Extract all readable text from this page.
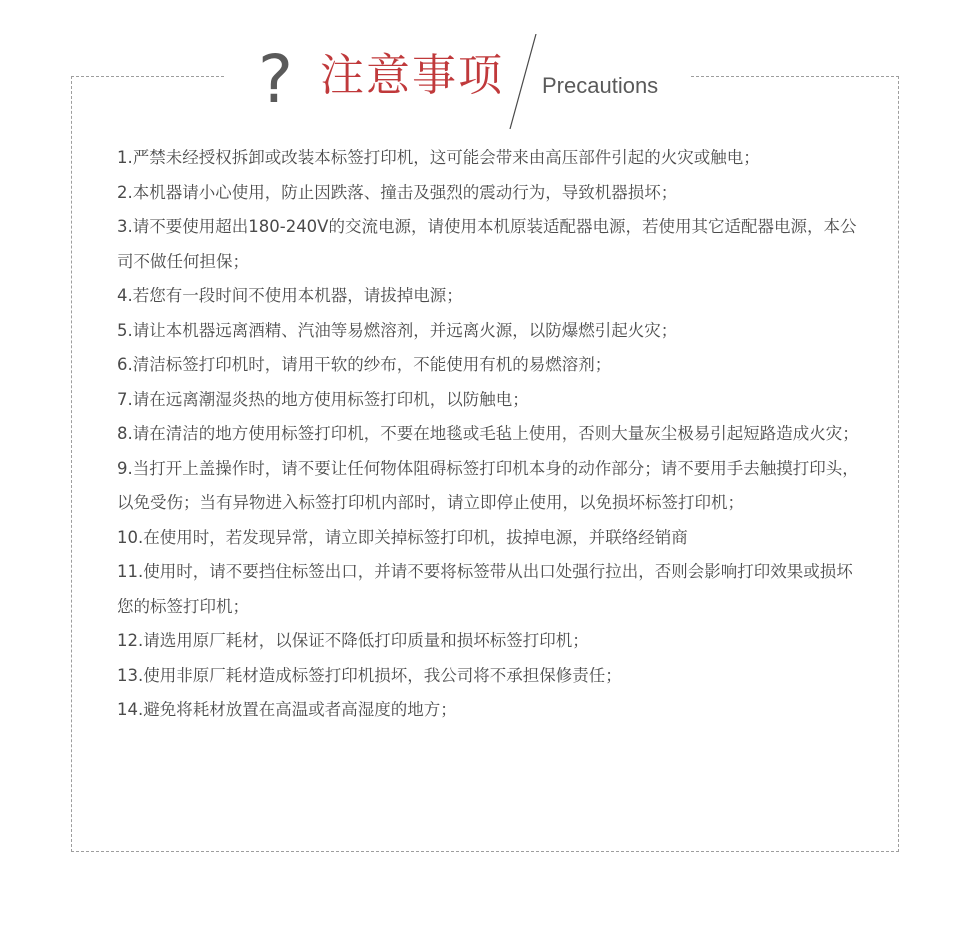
? 注意事项 Precautions

1.严禁未经授权拆卸或改装本标签打印机，这可能会带来由高压部件引起的火灾或触电；

2.本机器请小心使用，防止因跌落、撞击及强烈的震动行为，导致机器损坏；

3.请不要使用超出180-240V的交流电源，请使用本机原装适配器电源，若使用其它适配器电源，本公司不做任何担保；

4.若您有一段时间不使用本机器，请拔掉电源；

5.请让本机器远离酒精、汽油等易燃溶剂，并远离火源，以防爆燃引起火灾；

6.清洁标签打印机时，请用干软的纱布，不能使用有机的易燃溶剂；

7.请在远离潮湿炎热的地方使用标签打印机，以防触电；

8.请在清洁的地方使用标签打印机，不要在地毯或毛毡上使用，否则大量灰尘极易引起短路造成火灾；

9.当打开上盖操作时，请不要让任何物体阻碍标签打印机本身的动作部分；请不要用手去触摸打印头，以免受伤；当有异物进入标签打印机内部时，请立即停止使用，以免损坏标签打印机；

10.在使用时，若发现异常，请立即关掉标签打印机，拔掉电源，并联络经销商

11.使用时，请不要挡住标签出口，并请不要将标签带从出口处强行拉出，否则会影响打印效果或损坏您的标签打印机；

12.请选用原厂耗材，以保证不降低打印质量和损坏标签打印机；

13.使用非原厂耗材造成标签打印机损坏，我公司将不承担保修责任；

14.避免将耗材放置在高温或者高湿度的地方；
